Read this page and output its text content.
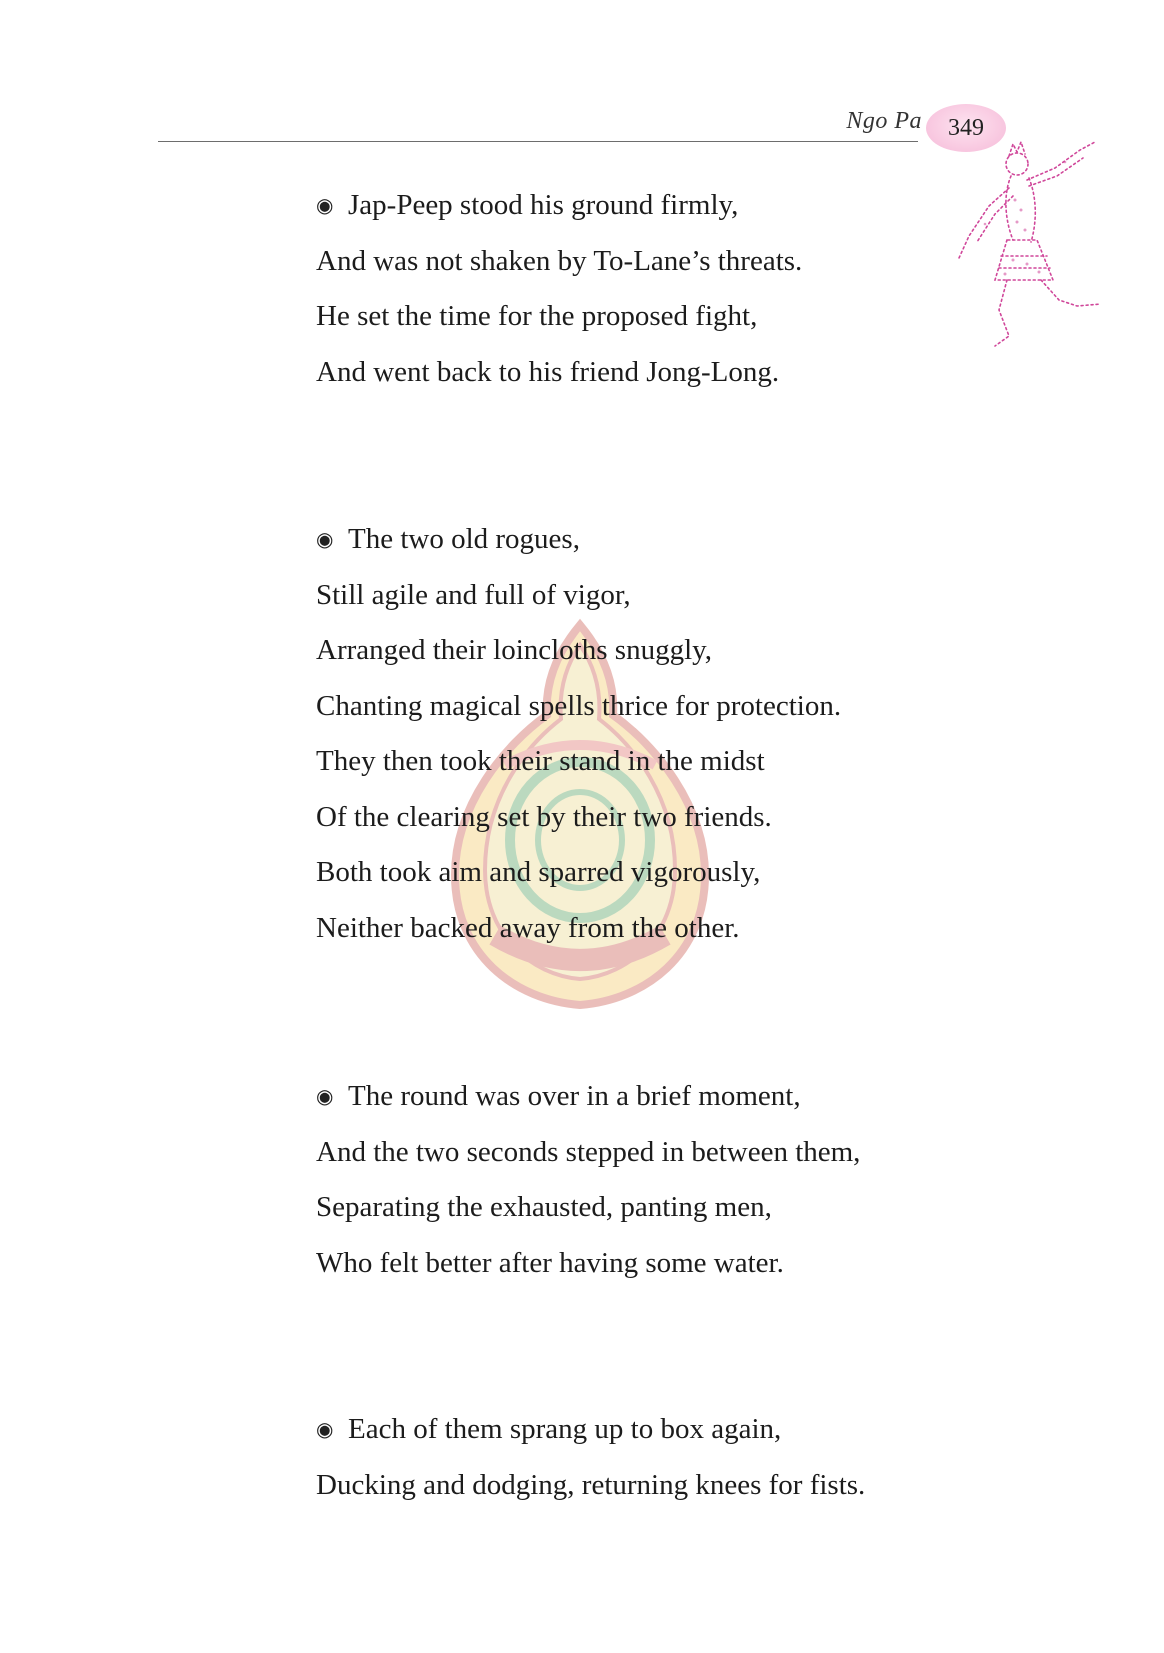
Ngo Pa 349
◉ Jap-Peep stood his ground firmly,
And was not shaken by To-Lane’s threats.
He set the time for the proposed fight,
And went back to his friend Jong-Long.
◉ The two old rogues,
Still agile and full of vigor,
Arranged their loincloths snuggly,
Chanting magical spells thrice for protection.
They then took their stand in the midst
Of the clearing set by their two friends.
Both took aim and sparred vigorously,
Neither backed away from the other.
◉ The round was over in a brief moment,
And the two seconds stepped in between them,
Separating the exhausted, panting men,
Who felt better after having some water.
◉ Each of them sprang up to box again,
Ducking and dodging, returning knees for fists.
